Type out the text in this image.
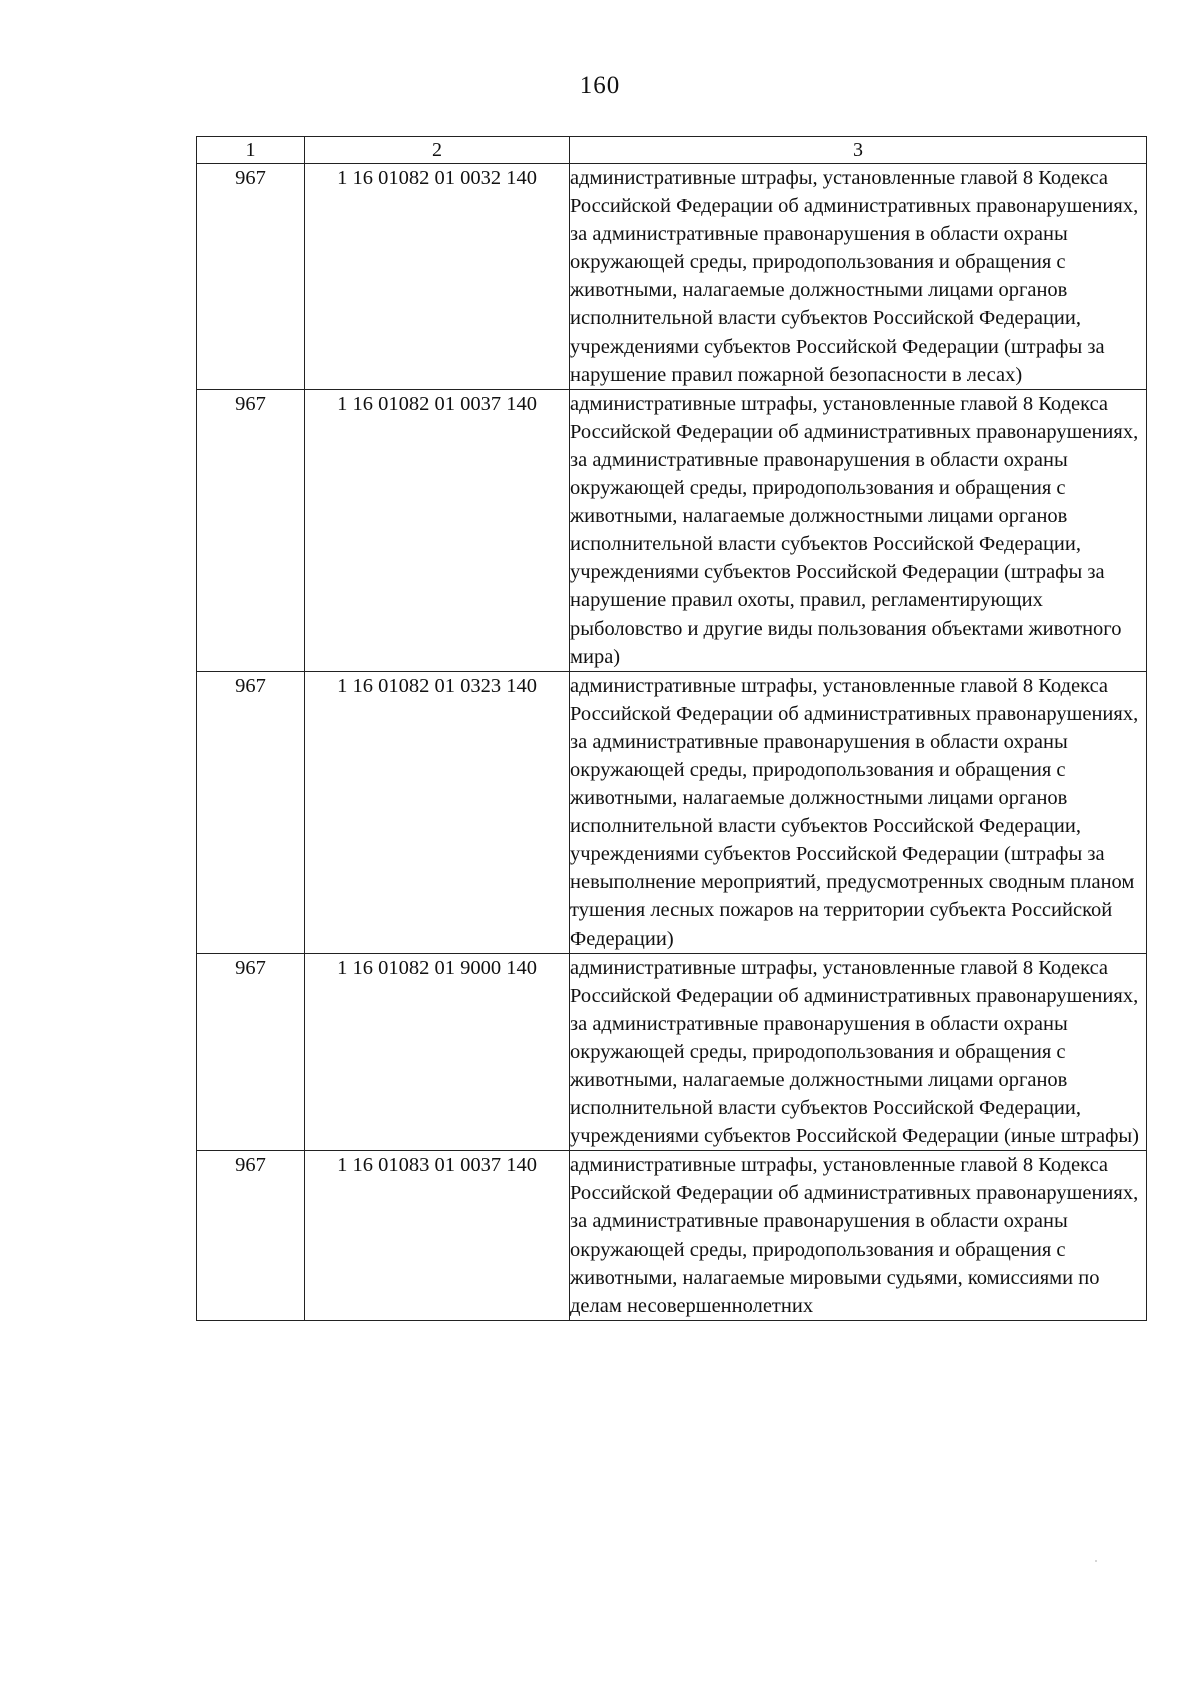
160
1	2	3
967	1 16 01082 01 0032 140	административные штрафы, установленные главой 8 Кодекса Российской Федерации об административных правонарушениях, за административные правонарушения в области охраны окружающей среды, природопользования и обращения с животными, налагаемые должностными лицами органов исполнительной власти субъектов Российской Федерации, учреждениями субъектов Российской Федерации (штрафы за нарушение правил пожарной безопасности в лесах)
967	1 16 01082 01 0037 140	административные штрафы, установленные главой 8 Кодекса Российской Федерации об административных правонарушениях, за административные правонарушения в области охраны окружающей среды, природопользования и обращения с животными, налагаемые должностными лицами органов исполнительной власти субъектов Российской Федерации, учреждениями субъектов Российской Федерации (штрафы за нарушение правил охоты, правил, регламентирующих рыболовство и другие виды пользования объектами животного мира)
967	1 16 01082 01 0323 140	административные штрафы, установленные главой 8 Кодекса Российской Федерации об административных правонарушениях, за административные правонарушения в области охраны окружающей среды, природопользования и обращения с животными, налагаемые должностными лицами органов исполнительной власти субъектов Российской Федерации, учреждениями субъектов Российской Федерации (штрафы за невыполнение мероприятий, предусмотренных сводным планом тушения лесных пожаров на территории субъекта Российской Федерации)
967	1 16 01082 01 9000 140	административные штрафы, установленные главой 8 Кодекса Российской Федерации об административных правонарушениях, за административные правонарушения в области охраны окружающей среды, природопользования и обращения с животными, налагаемые должностными лицами органов исполнительной власти субъектов Российской Федерации, учреждениями субъектов Российской Федерации (иные штрафы)
967	1 16 01083 01 0037 140	административные штрафы, установленные главой 8 Кодекса Российской Федерации об административных правонарушениях, за административные правонарушения в области охраны окружающей среды, природопользования и обращения с животными, налагаемые мировыми судьями, комиссиями по делам несовершеннолетних
